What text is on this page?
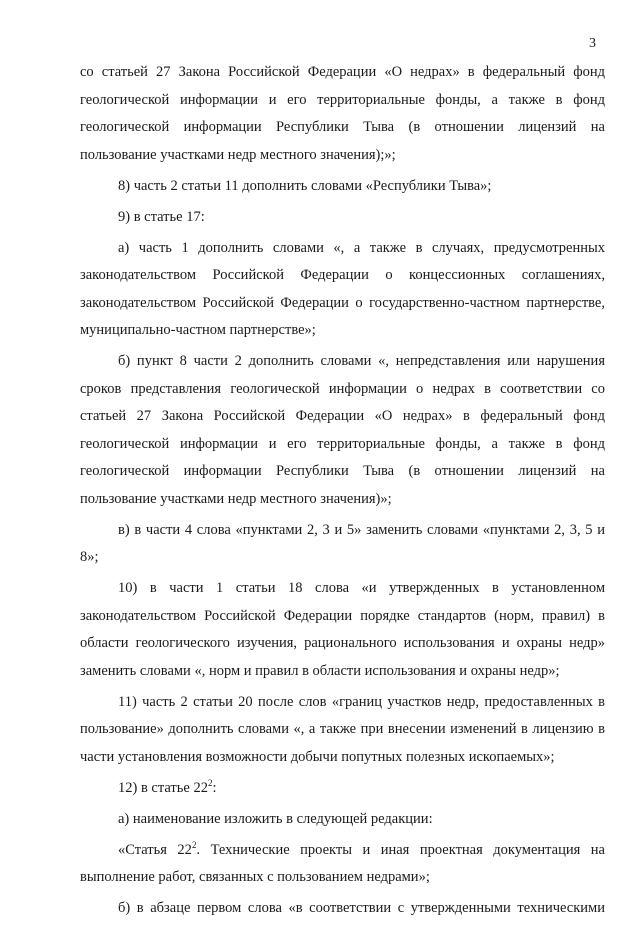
3

со статьей 27 Закона Российской Федерации «О недрах» в федеральный фонд геологической информации и его территориальные фонды, а также в фонд геологической информации Республики Тыва (в отношении лицензий на пользование участками недр местного значения);»;

8) часть 2 статьи 11 дополнить словами «Республики Тыва»;

9) в статье 17:

а) часть 1 дополнить словами «, а также в случаях, предусмотренных законодательством Российской Федерации о концессионных соглашениях, законодательством Российской Федерации о государственно-частном партнерстве, муниципально-частном партнерстве»;

б) пункт 8 части 2 дополнить словами «, непредставления или нарушения сроков представления геологической информации о недрах в соответствии со статьей 27 Закона Российской Федерации «О недрах» в федеральный фонд геологической информации и его территориальные фонды, а также в фонд геологической информации Республики Тыва (в отношении лицензий на пользование участками недр местного значения)»;

в) в части 4 слова «пунктами 2, 3 и 5» заменить словами «пунктами 2, 3, 5 и 8»;

10) в части 1 статьи 18 слова «и утвержденных в установленном законодательством Российской Федерации порядке стандартов (норм, правил) в области геологического изучения, рационального использования и охраны недр» заменить словами «, норм и правил в области использования и охраны недр»;

11) часть 2 статьи 20 после слов «границ участков недр, предоставленных в пользование» дополнить словами «, а также при внесении изменений в лицензию в части установления возможности добычи попутных полезных ископаемых»;

12) в статье $22^2$:

а) наименование изложить в следующей редакции:

«Статья $22^2$. Технические проекты и иная проектная документация на выполнение работ, связанных с пользованием недрами»;

б) в абзаце первом слова «в соответствии с утвержденными техническими
